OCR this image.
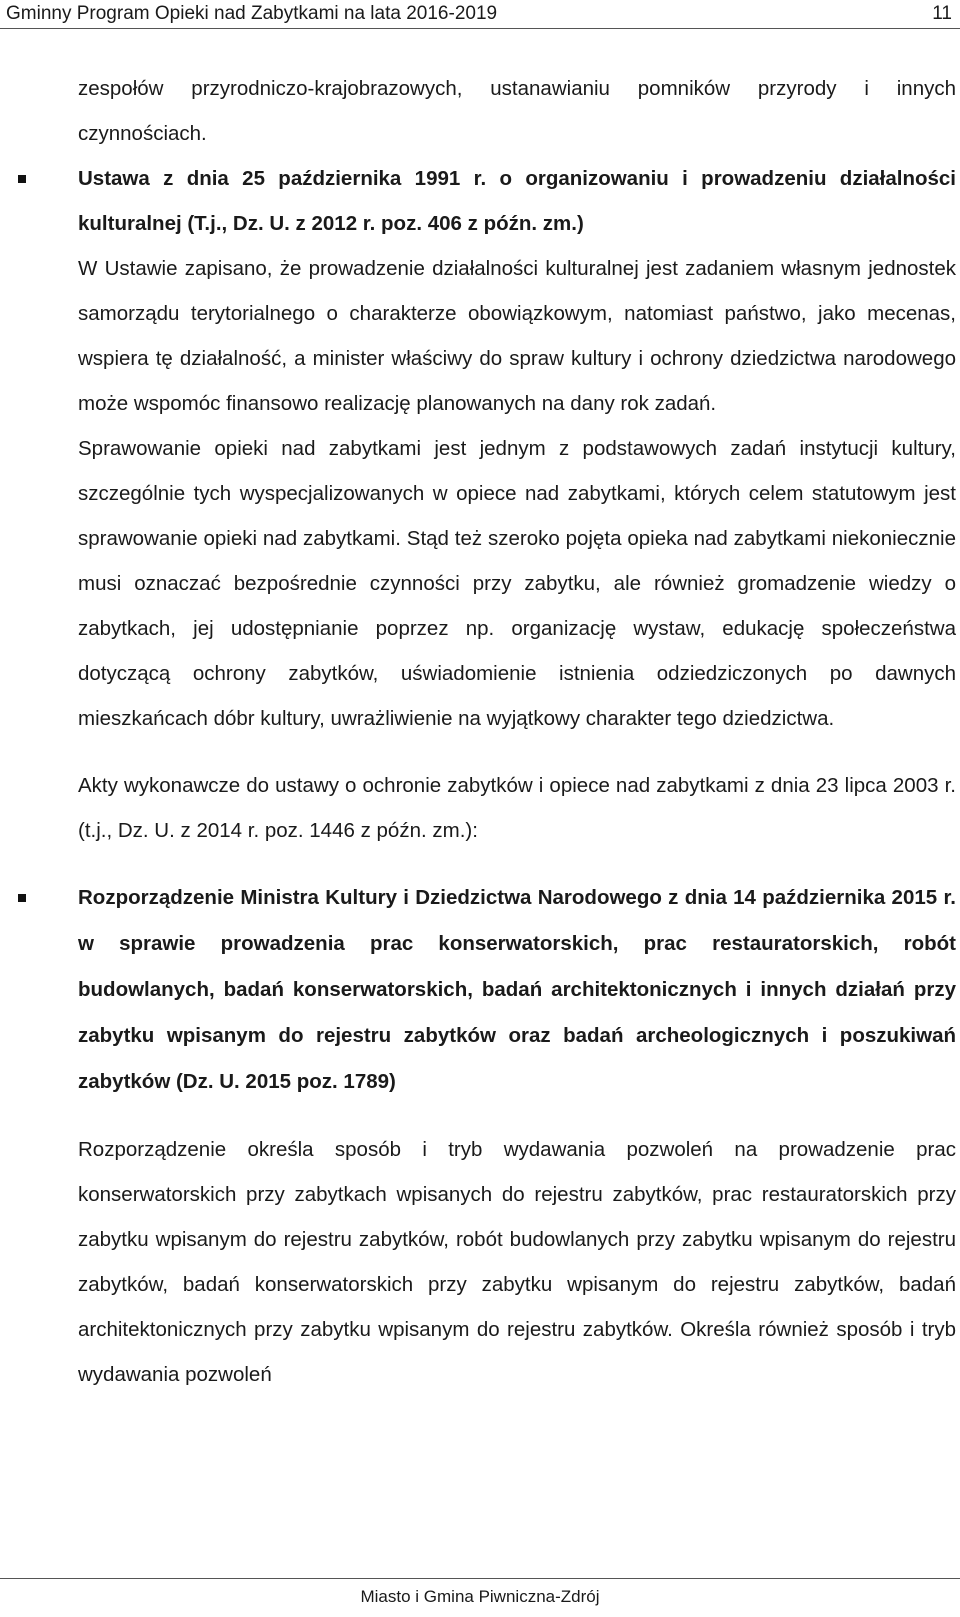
Gminny Program Opieki nad Zabytkami na lata 2016-2019	11

zespołów przyrodniczo-krajobrazowych, ustanawianiu pomników przyrody i innych czynnościach.

Ustawa z dnia 25 października 1991 r. o organizowaniu i prowadzeniu działalności kulturalnej (T.j., Dz. U. z 2012 r. poz. 406 z późn. zm.)

W Ustawie zapisano, że prowadzenie działalności kulturalnej jest zadaniem własnym jednostek samorządu terytorialnego o charakterze obowiązkowym, natomiast państwo, jako mecenas, wspiera tę działalność, a minister właściwy do spraw kultury i ochrony dziedzictwa narodowego może wspomóc finansowo realizację planowanych na dany rok zadań.

Sprawowanie opieki nad zabytkami jest jednym z podstawowych zadań instytucji kultury, szczególnie tych wyspecjalizowanych w opiece nad zabytkami, których celem statutowym jest sprawowanie opieki nad zabytkami. Stąd też szeroko pojęta opieka nad zabytkami niekoniecznie musi oznaczać bezpośrednie czynności przy zabytku, ale również gromadzenie wiedzy o zabytkach, jej udostępnianie poprzez np. organizację wystaw, edukację społeczeństwa dotyczącą ochrony zabytków, uświadomienie istnienia odziedziczonych po dawnych mieszkańcach dóbr kultury, uwrażliwienie na wyjątkowy charakter tego dziedzictwa.

Akty wykonawcze do ustawy o ochronie zabytków i opiece nad zabytkami z dnia 23 lipca 2003 r. (t.j., Dz. U. z 2014 r. poz. 1446 z późn. zm.):

Rozporządzenie Ministra Kultury i Dziedzictwa Narodowego z dnia 14 października 2015 r. w sprawie prowadzenia prac konserwatorskich, prac restauratorskich, robót budowlanych, badań konserwatorskich, badań architektonicznych i innych działań przy zabytku wpisanym do rejestru zabytków oraz badań archeologicznych i poszukiwań zabytków (Dz. U. 2015 poz. 1789)

Rozporządzenie określa sposób i tryb wydawania pozwoleń na prowadzenie prac konserwatorskich przy zabytkach wpisanych do rejestru zabytków, prac restauratorskich przy zabytku wpisanym do rejestru zabytków, robót budowlanych przy zabytku wpisanym do rejestru zabytków, badań konserwatorskich przy zabytku wpisanym do rejestru zabytków, badań architektonicznych przy zabytku wpisanym do rejestru zabytków. Określa również sposób i tryb wydawania pozwoleń

Miasto i Gmina Piwniczna-Zdrój
